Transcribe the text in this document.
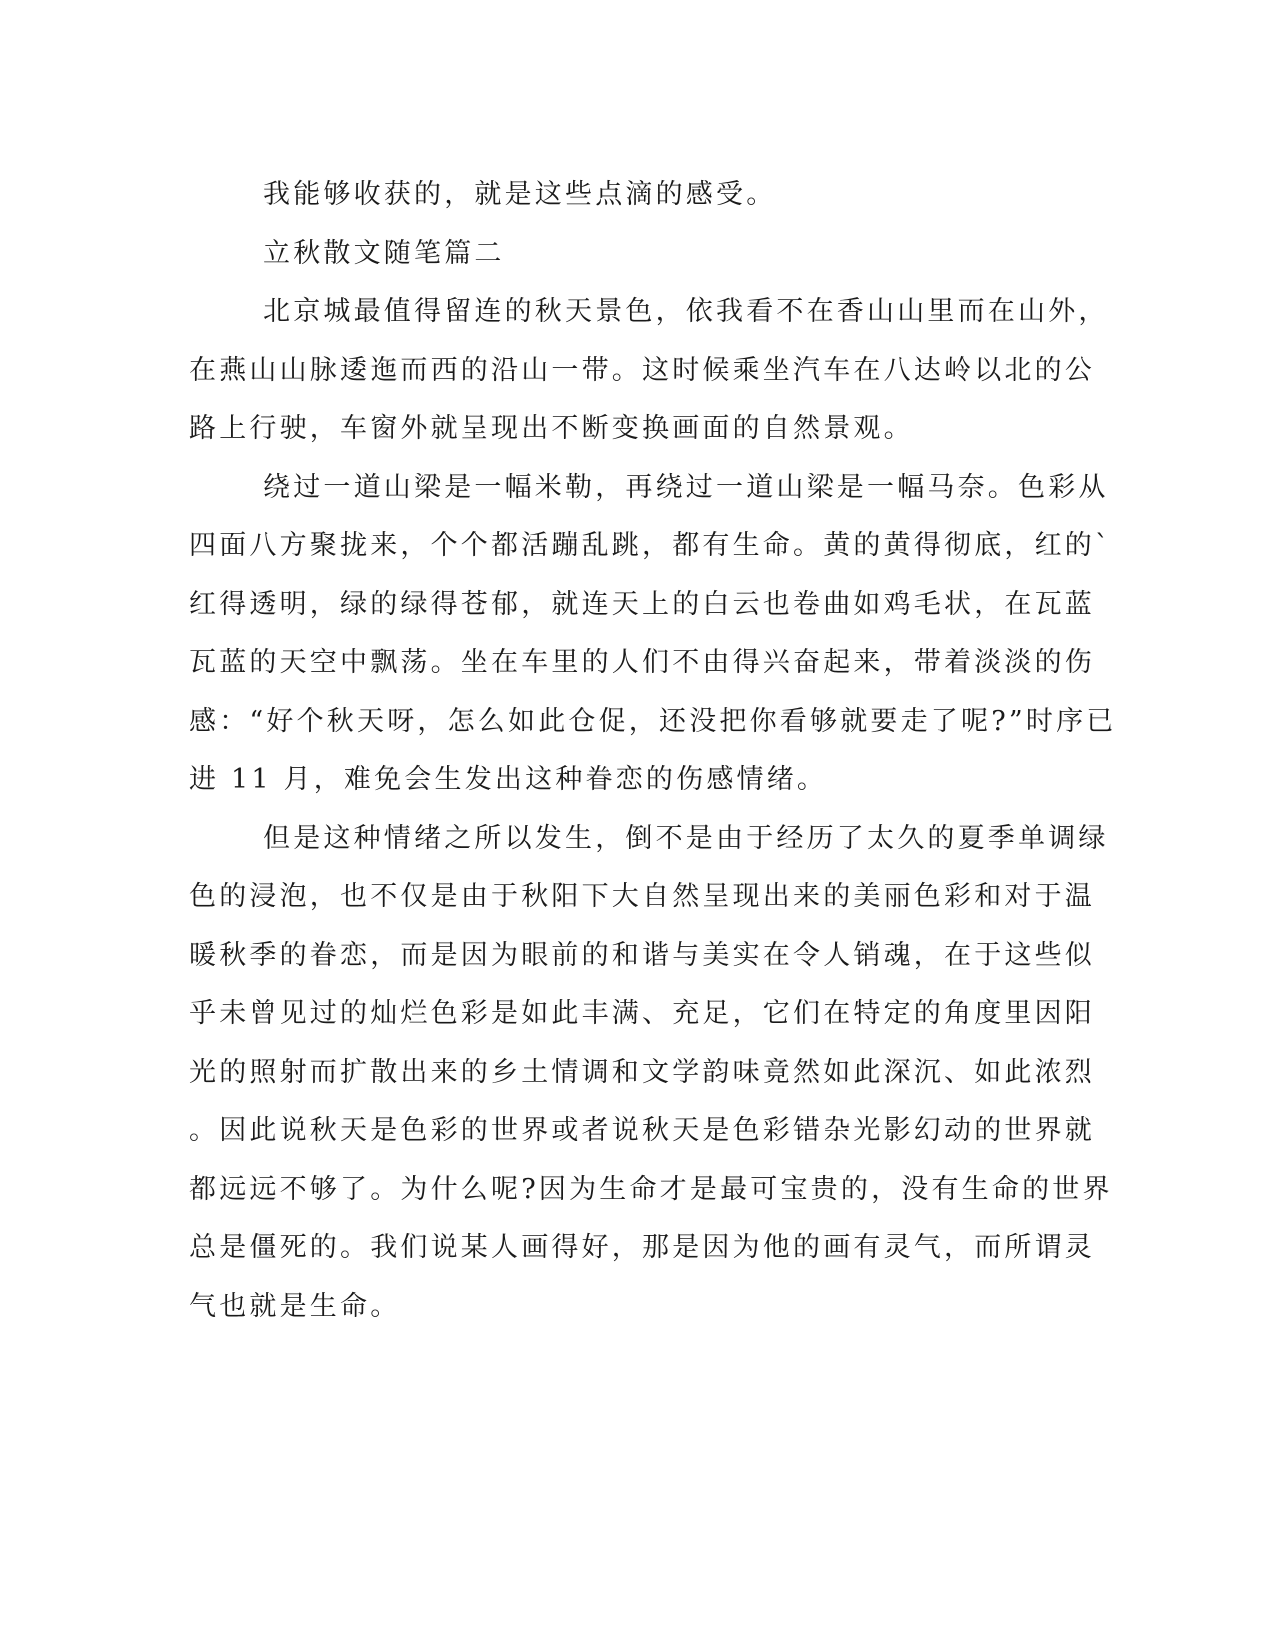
我能够收获的，就是这些点滴的感受。
立秋散文随笔篇二
北京城最值得留连的秋天景色，依我看不在香山山里而在山外，
在燕山山脉逶迤而西的沿山一带。这时候乘坐汽车在八达岭以北的公
路上行驶，车窗外就呈现出不断变换画面的自然景观。
绕过一道山梁是一幅米勒，再绕过一道山梁是一幅马奈。色彩从
四面八方聚拢来，个个都活蹦乱跳，都有生命。黄的黄得彻底，红的`
红得透明，绿的绿得苍郁，就连天上的白云也卷曲如鸡毛状，在瓦蓝
瓦蓝的天空中飘荡。坐在车里的人们不由得兴奋起来，带着淡淡的伤
感：“好个秋天呀，怎么如此仓促，还没把你看够就要走了呢?”时序已
进 11 月，难免会生发出这种眷恋的伤感情绪。
但是这种情绪之所以发生，倒不是由于经历了太久的夏季单调绿
色的浸泡，也不仅是由于秋阳下大自然呈现出来的美丽色彩和对于温
暖秋季的眷恋，而是因为眼前的和谐与美实在令人销魂，在于这些似
乎未曾见过的灿烂色彩是如此丰满、充足，它们在特定的角度里因阳
光的照射而扩散出来的乡土情调和文学韵味竟然如此深沉、如此浓烈
。因此说秋天是色彩的世界或者说秋天是色彩错杂光影幻动的世界就
都远远不够了。为什么呢?因为生命才是最可宝贵的，没有生命的世界
总是僵死的。我们说某人画得好，那是因为他的画有灵气，而所谓灵
气也就是生命。
